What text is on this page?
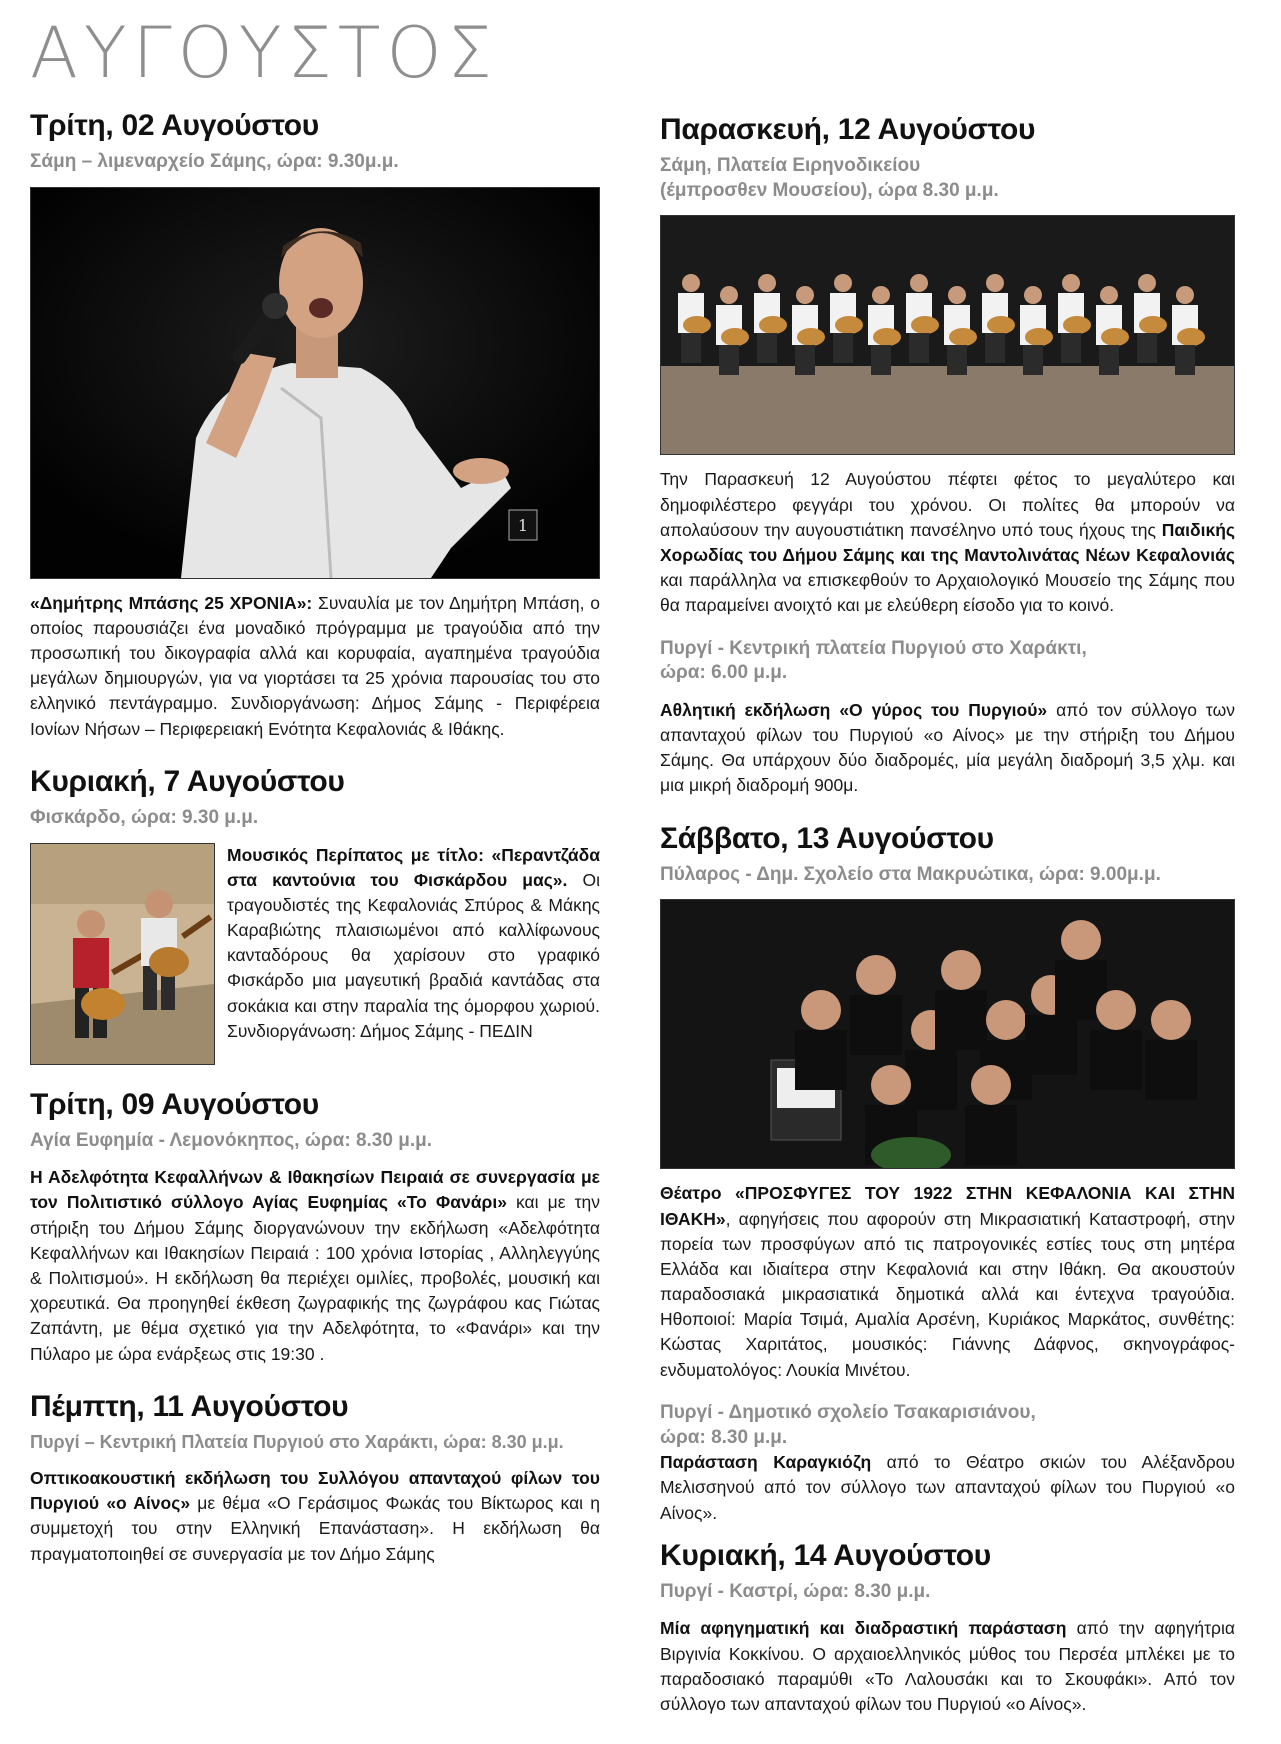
ΑΥΓΟΥΣΤΟΣ
Τρίτη, 02 Αυγούστου
Σάμη – λιμεναρχείο Σάμης, ώρα: 9.30μ.μ.
1

«Δημήτρης Μπάσης 25 ΧΡΟΝΙΑ»: Συναυλία με τον Δημήτρη Μπάση, ο οποίος παρουσιάζει ένα μοναδικό πρόγραμμα με τραγούδια από την προσωπική του δικογραφία αλλά και κορυφαία, αγαπημένα τραγούδια μεγάλων δημιουργών, για να γιορτάσει τα 25 χρόνια παρουσίας του στο ελληνικό πεντάγραμμο. Συνδιοργάνωση: Δήμος Σάμης - Περιφέρεια Ιονίων Νήσων – Περιφερειακή Ενότητα Κεφαλονιάς & Ιθάκης.

Κυριακή, 7 Αυγούστου
Φισκάρδο, ώρα: 9.30 μ.μ.

Μουσικός Περίπατος με τίτλο: «Περαντζάδα στα καντούνια του Φισκάρδου μας». Οι τραγουδιστές της Κεφαλονιάς Σπύρος & Μάκης Καραβιώτης πλαισιωμένοι από καλλίφωνους κανταδόρους θα χαρίσουν στο γραφικό Φισκάρδο μια μαγευτική βραδιά καντάδας στα σοκάκια και στην παραλία της όμορφου χωριού. Συνδιοργάνωση: Δήμος Σάμης - ΠΕΔΙΝ

Τρίτη, 09 Αυγούστου
Αγία Ευφημία - Λεμονόκηπος, ώρα: 8.30 μ.μ.

Η Αδελφότητα Κεφαλλήνων & Ιθακησίων Πειραιά σε συνεργασία με τον Πολιτιστικό σύλλογο Αγίας Ευφημίας «Το Φανάρι» και με την στήριξη του Δήμου Σάμης διοργανώνουν την εκδήλωση «Αδελφότητα Κεφαλλήνων και Ιθακησίων Πειραιά : 100 χρόνια Ιστορίας , Αλληλεγγύης & Πολιτισμού». Η εκδήλωση θα περιέχει ομιλίες, προβολές, μουσική και χορευτικά. Θα προηγηθεί έκθεση ζωγραφικής της ζωγράφου κας Γιώτας Ζαπάντη, με θέμα σχετικό για την Αδελφότητα, το «Φανάρι» και την Πύλαρο με ώρα ενάρξεως στις 19:30 .

Πέμπτη, 11 Αυγούστου
Πυργί – Κεντρική Πλατεία Πυργιού στο Χαράκτι, ώρα: 8.30 μ.μ.

Οπτικοακουστική εκδήλωση του Συλλόγου απανταχού φίλων του Πυργιού «ο Αίνος» με θέμα «Ο Γεράσιμος Φωκάς του Βίκτωρος και η συμμετοχή του στην Ελληνική Επανάσταση». Η εκδήλωση θα πραγματοποιηθεί σε συνεργασία με τον Δήμο Σάμης

Παρασκευή, 12 Αυγούστου
Σάμη, Πλατεία Ειρηνοδικείου
(έμπροσθεν Μουσείου), ώρα 8.30 μ.μ.

Την Παρασκευή 12 Αυγούστου πέφτει φέτος το μεγαλύτερο και δημοφιλέστερο φεγγάρι του χρόνου. Οι πολίτες θα μπορούν να απολαύσουν την αυγουστιάτικη πανσέληνο υπό τους ήχους της Παιδικής Χορωδίας του Δήμου Σάμης και της Μαντολινάτας Νέων Κεφαλονιάς και παράλληλα να επισκεφθούν το Αρχαιολογικό Μουσείο της Σάμης που θα παραμείνει ανοιχτό και με ελεύθερη είσοδο για το κοινό.

Πυργί - Κεντρική πλατεία Πυργιού στο Χαράκτι,
ώρα: 6.00 μ.μ.

Αθλητική εκδήλωση «Ο γύρος του Πυργιού» από τον σύλλογο των απανταχού φίλων του Πυργιού «ο Αίνος» με την στήριξη του Δήμου Σάμης. Θα υπάρχουν δύο διαδρομές, μία μεγάλη διαδρομή 3,5 χλμ. και μια μικρή διαδρομή 900μ.

Σάββατο, 13 Αυγούστου
Πύλαρος - Δημ. Σχολείο στα Μακρυώτικα, ώρα: 9.00μ.μ.

Θέατρο «ΠΡΟΣΦΥΓΕΣ ΤΟΥ 1922 ΣΤΗΝ ΚΕΦΑΛΟΝΙΑ ΚΑΙ ΣΤΗΝ ΙΘΑΚΗ», αφηγήσεις που αφορούν στη Μικρασιατική Καταστροφή, στην πορεία των προσφύγων από τις πατρογονικές εστίες τους στη μητέρα Ελλάδα και ιδιαίτερα στην Κεφαλονιά και στην Ιθάκη. Θα ακουστούν παραδοσιακά μικρασιατικά δημοτικά αλλά και έντεχνα τραγούδια. Ηθοποιοί: Μαρία Τσιμά, Αμαλία Αρσένη, Κυριάκος Μαρκάτος, συνθέτης: Κώστας Χαριτάτος, μουσικός: Γιάννης Δάφνος, σκηνογράφος-ενδυματολόγος: Λουκία Μινέτου.

Πυργί - Δημοτικό σχολείο Τσακαρισιάνου,
ώρα: 8.30 μ.μ.

Παράσταση Καραγκιόζη από το Θέατρο σκιών του Αλέξανδρου Μελισσηνού από τον σύλλογο των απανταχού φίλων του Πυργιού «ο Αίνος».

Κυριακή, 14 Αυγούστου
Πυργί - Καστρί, ώρα: 8.30 μ.μ.

Μία αφηγηματική και διαδραστική παράσταση από την αφηγήτρια Βιργινία Κοκκίνου. Ο αρχαιοελληνικός μύθος του Περσέα μπλέκει με το παραδοσιακό παραμύθι «Το Λαλουσάκι και το Σκουφάκι». Από τον σύλλογο των απανταχού φίλων του Πυργιού «ο Αίνος».
